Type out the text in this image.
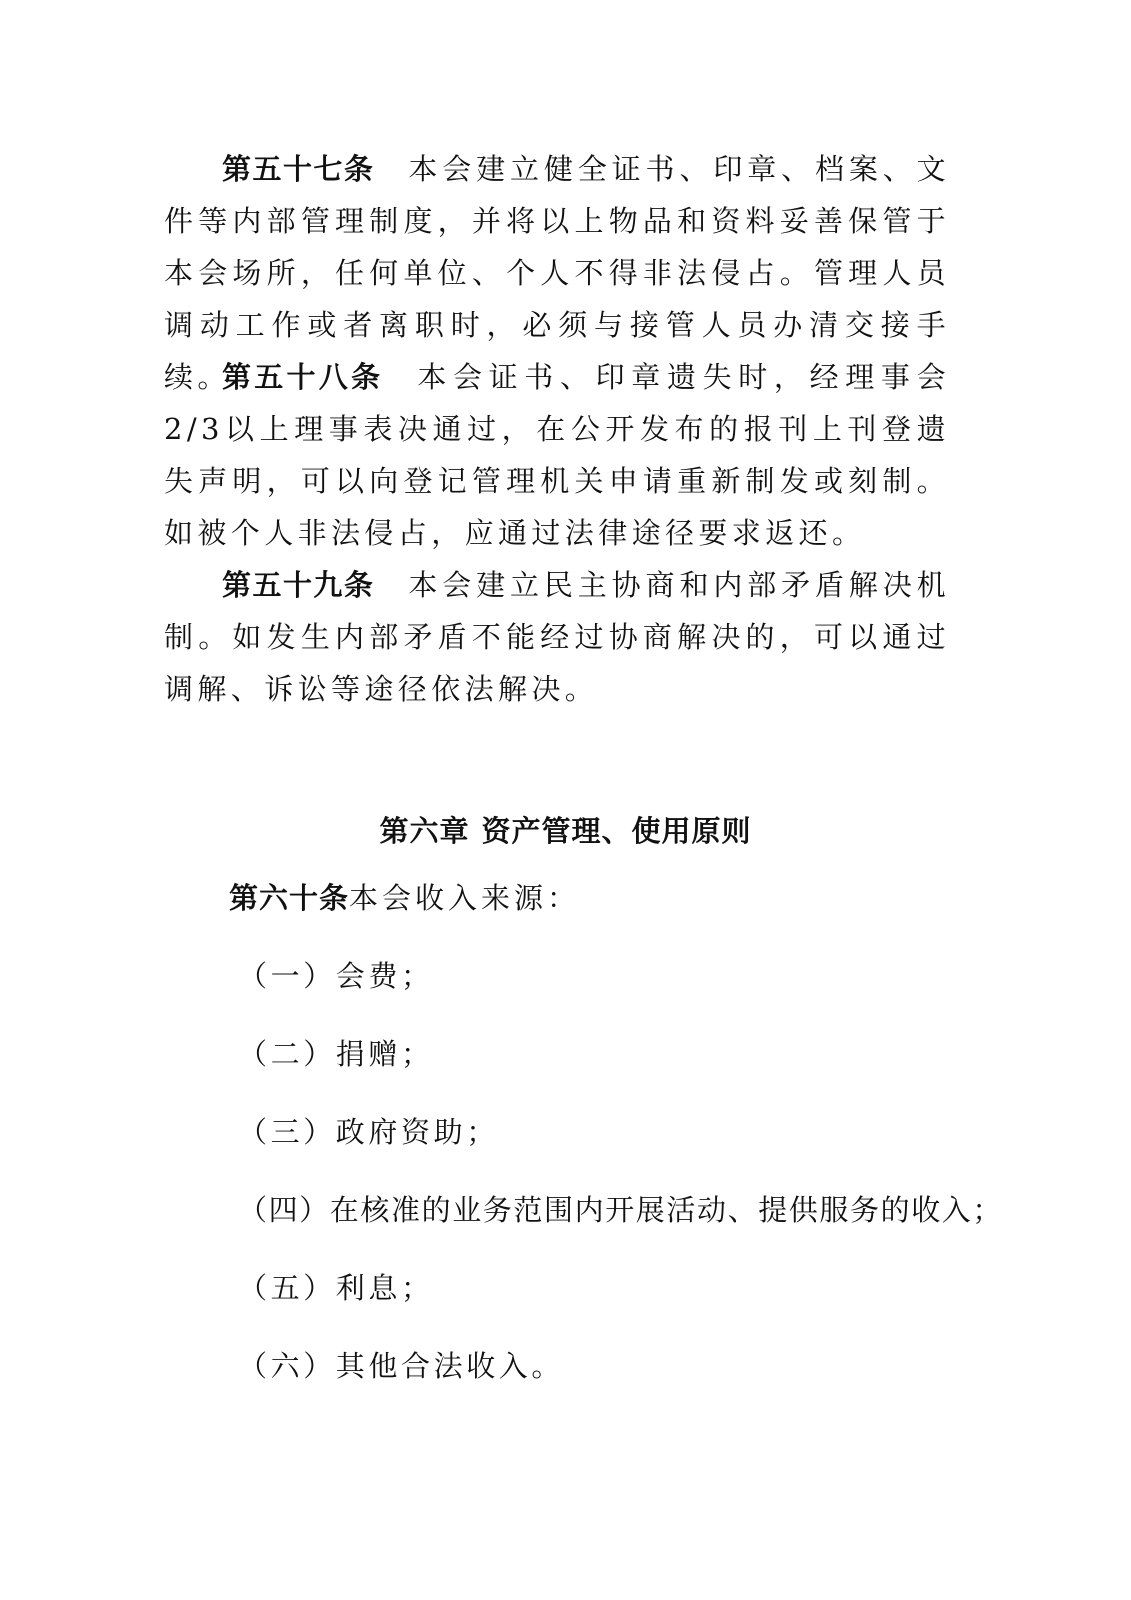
第五十七条 本会建立健全证书、印章、档案、文件等内部管理制度，并将以上物品和资料妥善保管于本会场所，任何单位、个人不得非法侵占。管理人员调动工作或者离职时，必须与接管人员办清交接手续。

第五十八条 本会证书、印章遗失时，经理事会2/3以上理事表决通过，在公开发布的报刊上刊登遗失声明，可以向登记管理机关申请重新制发或刻制。如被个人非法侵占，应通过法律途径要求返还。

第五十九条 本会建立民主协商和内部矛盾解决机制。如发生内部矛盾不能经过协商解决的，可以通过调解、诉讼等途径依法解决。

第六章 资产管理、使用原则

第六十条本会收入来源：

（一）会费；

（二）捐赠；

（三）政府资助；

（四）在核准的业务范围内开展活动、提供服务的收入；

（五）利息；

（六）其他合法收入。
